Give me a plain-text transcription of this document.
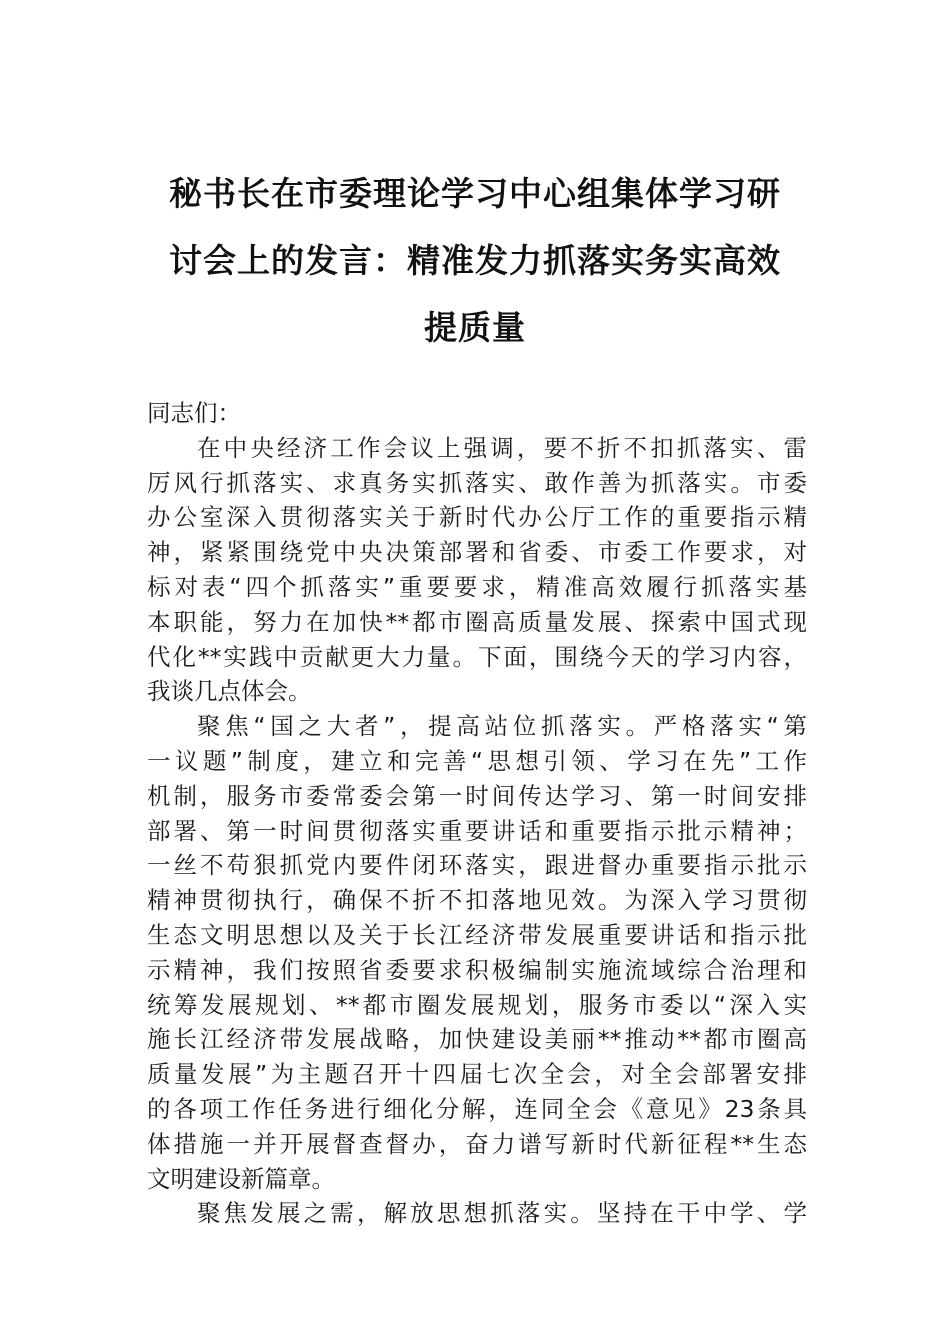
秘书长在市委理论学习中心组集体学习研
讨会上的发言：精准发力抓落实务实高效
提质量
同志们：
在中央经济工作会议上强调，要不折不扣抓落实、雷
厉风行抓落实、求真务实抓落实、敢作善为抓落实。市委
办公室深入贯彻落实关于新时代办公厅工作的重要指示精
神，紧紧围绕党中央决策部署和省委、市委工作要求，对
标对表“四个抓落实”重要要求，精准高效履行抓落实基
本职能，努力在加快**都市圈高质量发展、探索中国式现
代化**实践中贡献更大力量。下面，围绕今天的学习内容，
我谈几点体会。
聚焦“国之大者”，提高站位抓落实。严格落实“第
一议题”制度，建立和完善“思想引领、学习在先”工作
机制，服务市委常委会第一时间传达学习、第一时间安排
部署、第一时间贯彻落实重要讲话和重要指示批示精神；
一丝不苟狠抓党内要件闭环落实，跟进督办重要指示批示
精神贯彻执行，确保不折不扣落地见效。为深入学习贯彻
生态文明思想以及关于长江经济带发展重要讲话和指示批
示精神，我们按照省委要求积极编制实施流域综合治理和
统筹发展规划、**都市圈发展规划，服务市委以“深入实
施长江经济带发展战略，加快建设美丽**推动**都市圈高
质量发展”为主题召开十四届七次全会，对全会部署安排
的各项工作任务进行细化分解，连同全会《意见》23条具
体措施一并开展督查督办，奋力谱写新时代新征程**生态
文明建设新篇章。
聚焦发展之需，解放思想抓落实。坚持在干中学、学
